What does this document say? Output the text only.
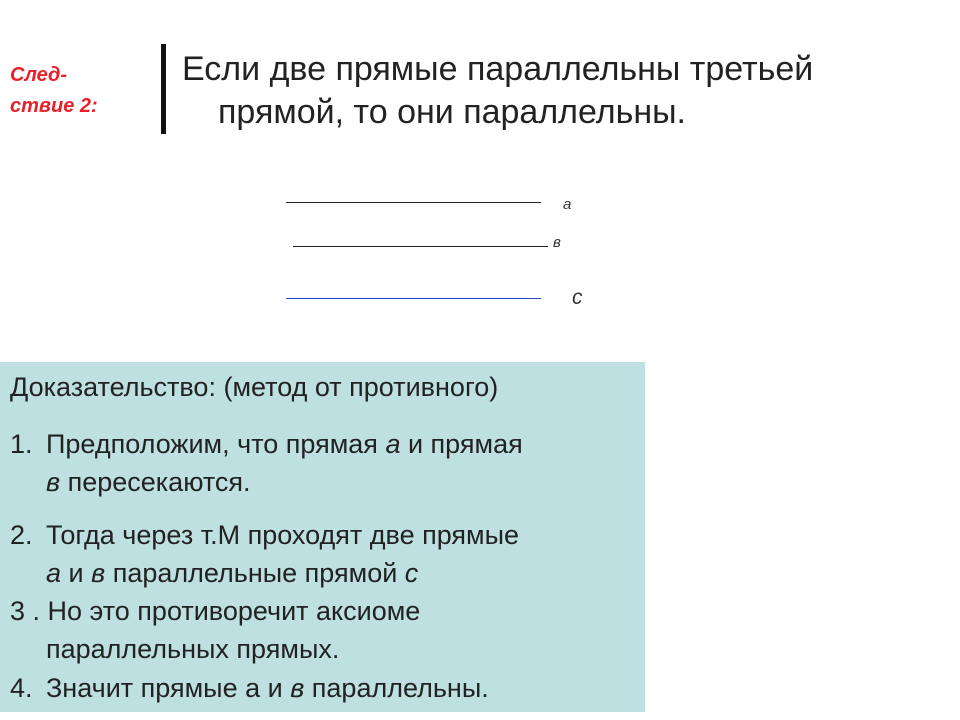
След-
ствие 2:
Если две прямые параллельны третьей
прямой, то они параллельны.
а
в
с
Доказательство: (метод от противного)
1. Предположим, что прямая а и прямая
в пересекаются.
2. Тогда через т.М проходят две прямые
а и в параллельные прямой с
3 . Но это противоречит аксиоме
параллельных прямых.
4. Значит прямые а и в параллельны.
